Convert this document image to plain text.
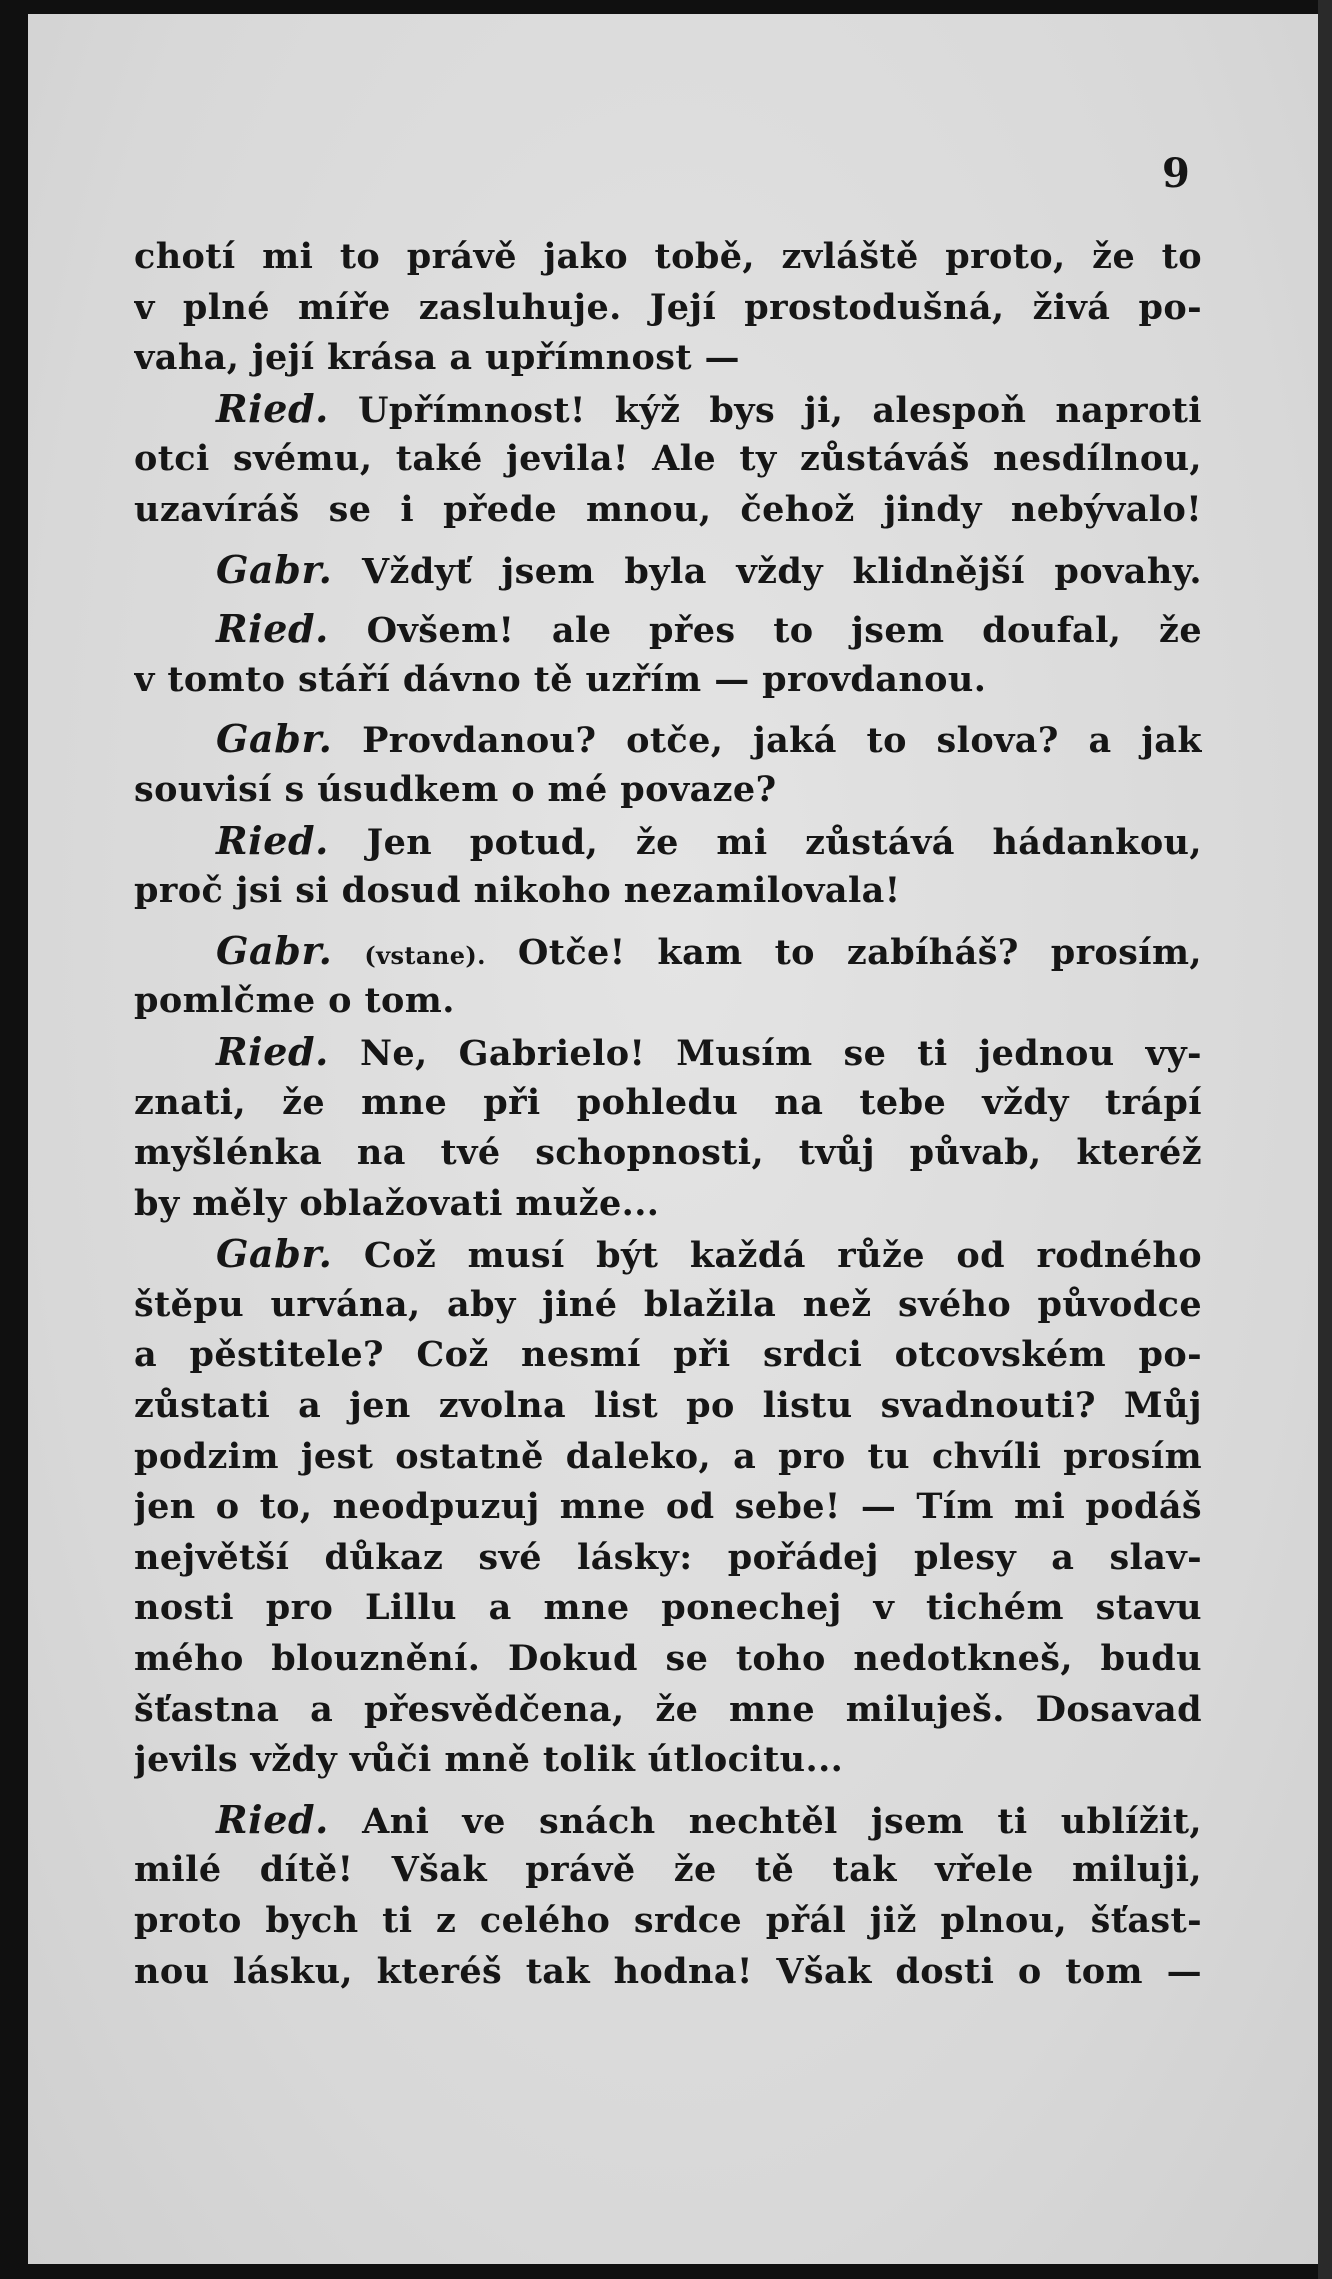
9
chotí mi to právě jako tobě, zvláště proto, že to
v plné míře zasluhuje. Její prostodušná, živá po-
vaha, její krása a upřímnost —
Ried. Upřímnost! kýž bys ji, alespoň naproti
otci svému, také jevila! Ale ty zůstáváš nesdílnou,
uzavíráš se i přede mnou, čehož jindy nebývalo!
Gabr. Vždyť jsem byla vždy klidnější povahy.
Ried. Ovšem! ale přes to jsem doufal, že
v tomto stáří dávno tě uzřím — provdanou.
Gabr. Provdanou? otče, jaká to slova? a jak
souvisí s úsudkem o mé povaze?
Ried. Jen potud, že mi zůstává hádankou,
proč jsi si dosud nikoho nezamilovala!
Gabr. (vstane). Otče! kam to zabíháš? prosím,
pomlčme o tom.
Ried. Ne, Gabrielo! Musím se ti jednou vy-
znati, že mne při pohledu na tebe vždy trápí
myšlénka na tvé schopnosti, tvůj půvab, kteréž
by měly oblažovati muže...
Gabr. Což musí být každá růže od rodného
štěpu urvána, aby jiné blažila než svého původce
a pěstitele? Což nesmí při srdci otcovském po-
zůstati a jen zvolna list po listu svadnouti? Můj
podzim jest ostatně daleko, a pro tu chvíli prosím
jen o to, neodpuzuj mne od sebe! — Tím mi podáš
největší důkaz své lásky: pořádej plesy a slav-
nosti pro Lillu a mne ponechej v tichém stavu
mého blouznění. Dokud se toho nedotkneš, budu
šťastna a přesvědčena, že mne miluješ. Dosavad
jevils vždy vůči mně tolik útlocitu...
Ried. Ani ve snách nechtěl jsem ti ublížit,
milé dítě! Však právě že tě tak vřele miluji,
proto bych ti z celého srdce přál již plnou, šťast-
nou lásku, kteréš tak hodna! Však dosti o tom —
